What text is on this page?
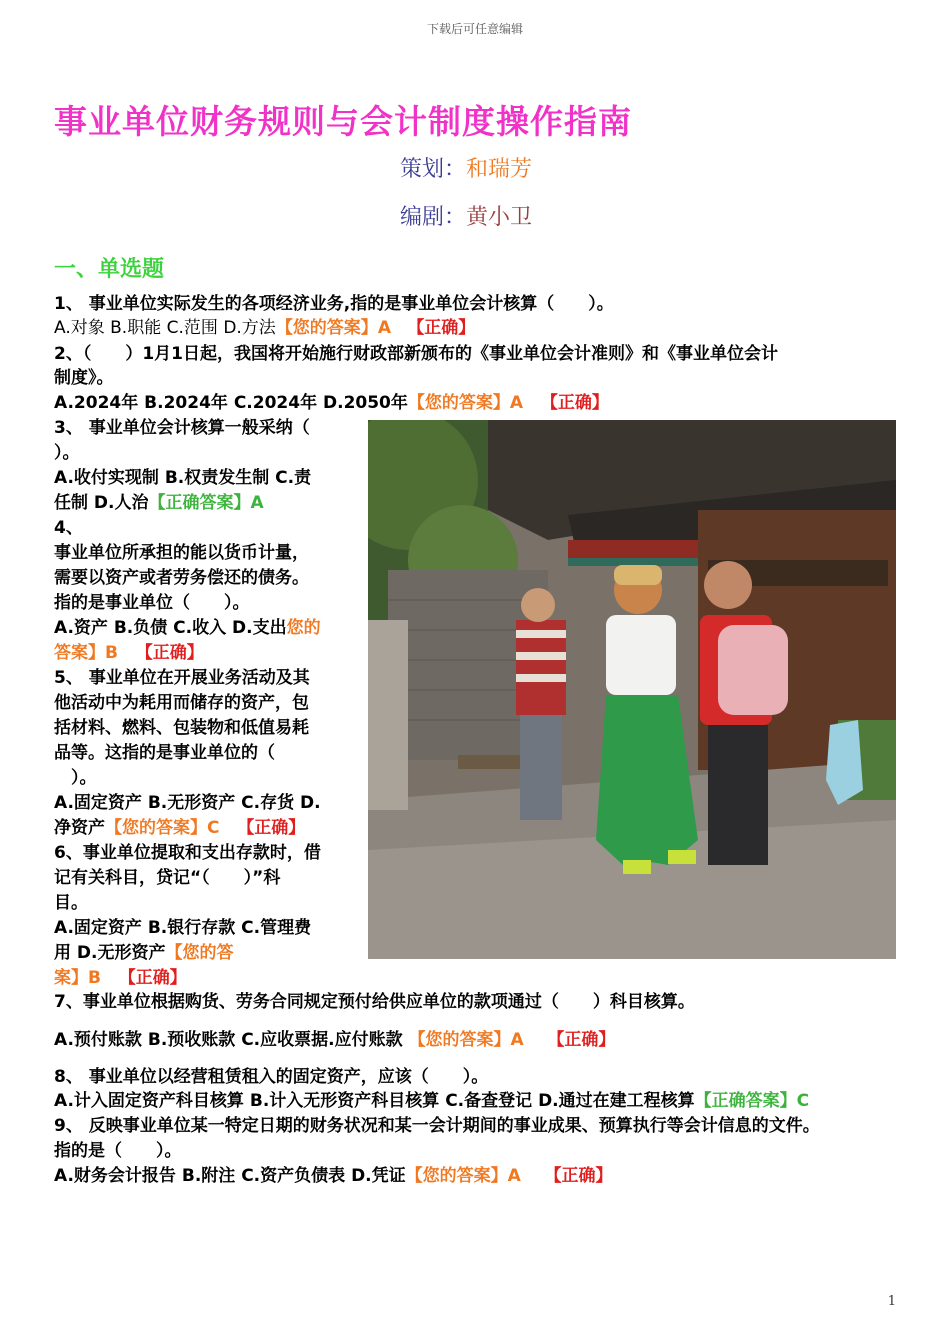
下载后可任意编辑
事业单位财务规则与会计制度操作指南
策划：和瑞芳
编剧：黄小卫
一、单选题
1、 事业单位实际发生的各项经济业务,指的是事业单位会计核算（　　）。
A.对象 B.职能 C.范围 D.方法【您的答案】A 【正确】
2、（　　）1月1日起，我国将开始施行财政部新颁布的《事业单位会计准则》和《事业单位会计
制度》。
A.2024年 B.2024年 C.2024年 D.2050年【您的答案】A 【正确】
3、 事业单位会计核算一般采纳（
）。
A.收付实现制 B.权责发生制 C.责
任制 D.人治【正确答案】A
4、
事业单位所承担的能以货币计量，
需要以资产或者劳务偿还的债务。
指的是事业单位（　　）。
A.资产 B.负债 C.收入 D.支出您的
答案】B 【正确】
5、 事业单位在开展业务活动及其
他活动中为耗用而储存的资产，包
括材料、燃料、包装物和低值易耗
品等。这指的是事业单位的（
　）。
A.固定资产 B.无形资产 C.存货 D.
净资产【您的答案】C 【正确】
6、事业单位提取和支出存款时，借
记有关科目，贷记“（　　）”科
目。
A.固定资产 B.银行存款 C.管理费
用 D.无形资产【您的答
案】B 【正确】
7、事业单位根据购货、劳务合同规定预付给供应单位的款项通过（　　）科目核算。
A.预付账款 B.预收账款 C.应收票据.应付账款 【您的答案】A 【正确】
8、 事业单位以经营租赁租入的固定资产，应该（　　）。
A.计入固定资产科目核算 B.计入无形资产科目核算 C.备查登记 D.通过在建工程核算【正确答案】C
9、 反映事业单位某一特定日期的财务状况和某一会计期间的事业成果、预算执行等会计信息的文件。
指的是（　　）。
A.财务会计报告 B.附注 C.资产负债表 D.凭证【您的答案】A 【正确】
1
